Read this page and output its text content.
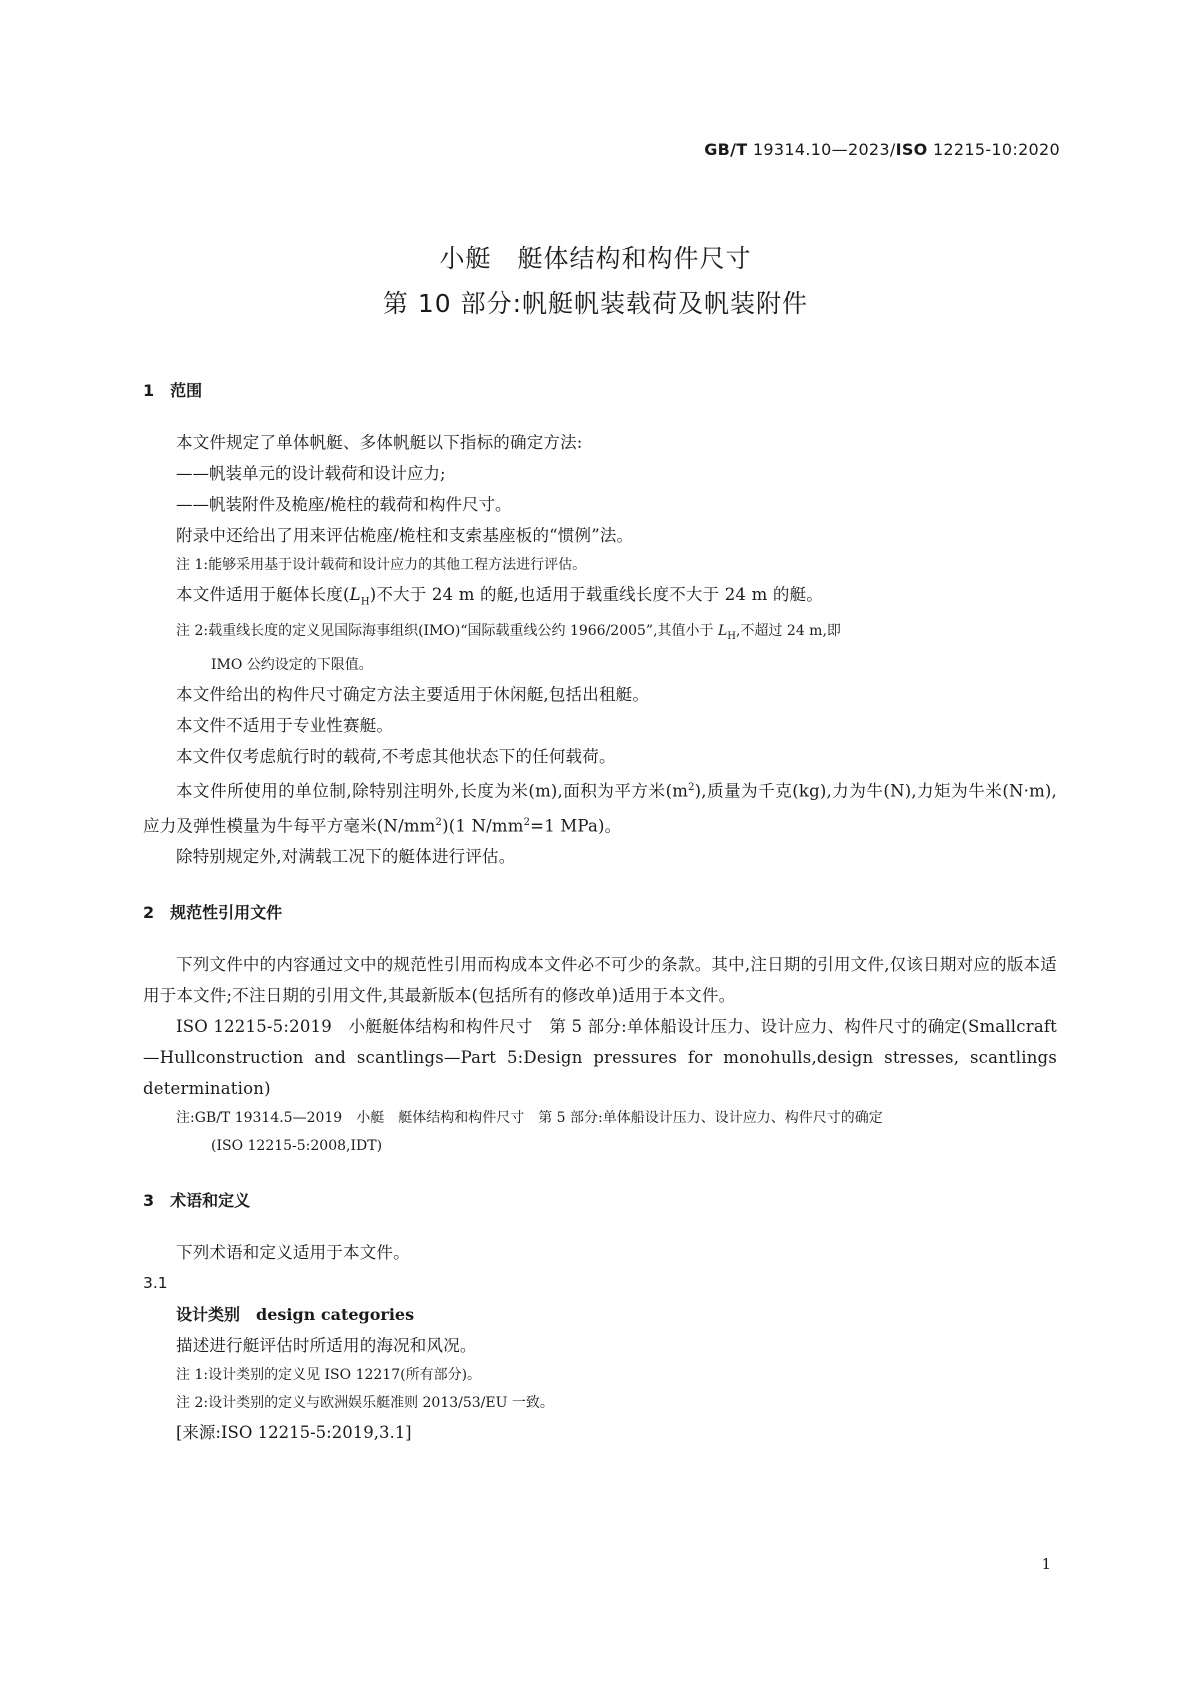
GB/T 19314.10—2023/ISO 12215-10:2020
小艇　艇体结构和构件尺寸
第 10 部分:帆艇帆装载荷及帆装附件
1　范围
本文件规定了单体帆艇、多体帆艇以下指标的确定方法:
——帆装单元的设计载荷和设计应力;
——帆装附件及桅座/桅柱的载荷和构件尺寸。
附录中还给出了用来评估桅座/桅柱和支索基座板的“惯例”法。
注 1:能够采用基于设计载荷和设计应力的其他工程方法进行评估。
本文件适用于艇体长度$(L_H)$不大于 24 m 的艇,也适用于载重线长度不大于 24 m 的艇。
注 2:载重线长度的定义见国际海事组织(IMO)“国际载重线公约 1966/2005”,其值小于 $L_H$,不超过 24 m,即
IMO 公约设定的下限值。
本文件给出的构件尺寸确定方法主要适用于休闲艇,包括出租艇。
本文件不适用于专业性赛艇。
本文件仅考虑航行时的载荷,不考虑其他状态下的任何载荷。
本文件所使用的单位制,除特别注明外,长度为米(m),面积为平方米$(m^2)$,质量为千克(kg),力为牛(N),力矩为牛米(N·m),应力及弹性模量为牛每平方毫米$(N/mm^2)(1$ $N/mm^2=1$ MPa)。
除特别规定外,对满载工况下的艇体进行评估。
2　规范性引用文件
下列文件中的内容通过文中的规范性引用而构成本文件必不可少的条款。其中,注日期的引用文件,仅该日期对应的版本适用于本文件;不注日期的引用文件,其最新版本(包括所有的修改单)适用于本文件。
ISO 12215-5:2019　小艇艇体结构和构件尺寸　第 5 部分:单体船设计压力、设计应力、构件尺寸的确定(Smallcraft—Hullconstruction and scantlings—Part 5:Design pressures for monohulls,design stresses, scantlings determination)
注:GB/T 19314.5—2019　小艇　艇体结构和构件尺寸　第 5 部分:单体船设计压力、设计应力、构件尺寸的确定
(ISO 12215-5:2008,IDT)
3　术语和定义
下列术语和定义适用于本文件。
3.1
设计类别　 design categories
描述进行艇评估时所适用的海况和风况。
注 1:设计类别的定义见 ISO 12217(所有部分)。
注 2:设计类别的定义与欧洲娱乐艇准则 2013/53/EU 一致。
[来源:ISO 12215-5:2019,3.1]
1
